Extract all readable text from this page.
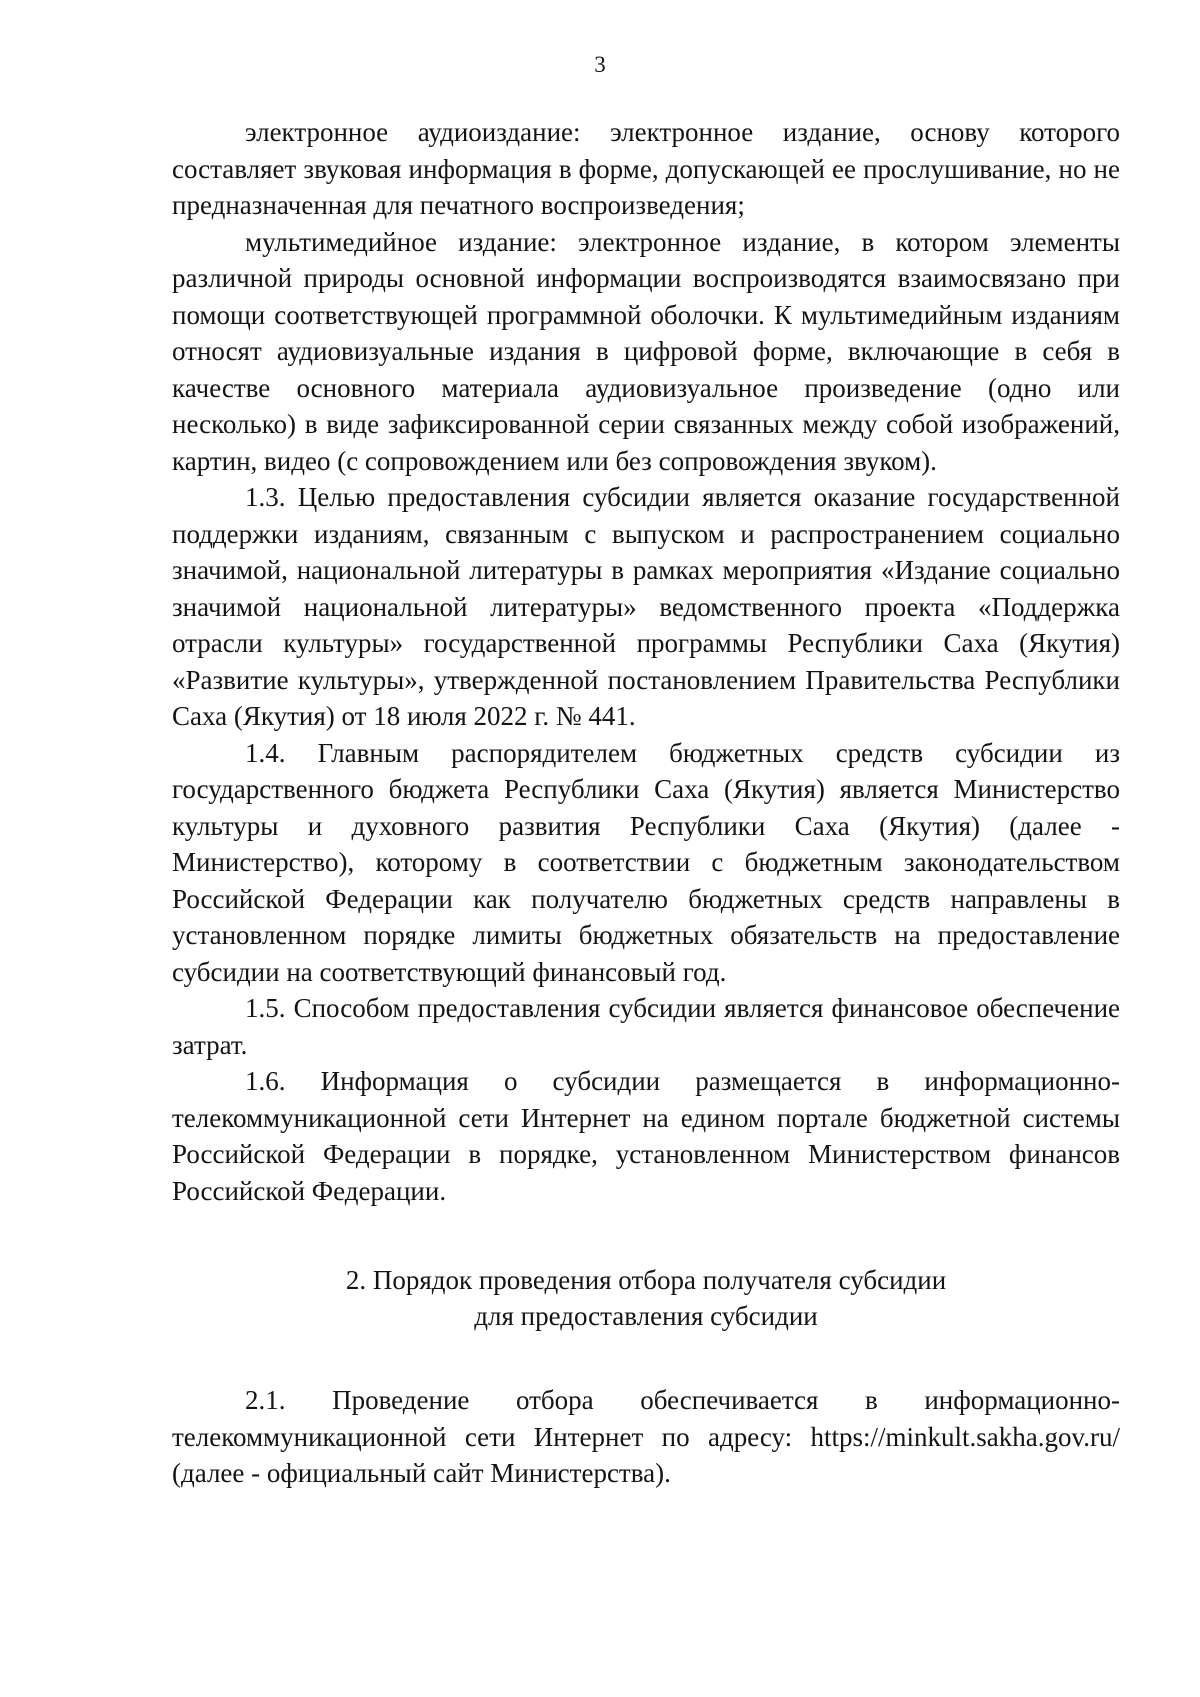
3

электронное аудиоиздание: электронное издание, основу которого составляет звуковая информация в форме, допускающей ее прослушивание, но не предназначенная для печатного воспроизведения;

мультимедийное издание: электронное издание, в котором элементы различной природы основной информации воспроизводятся взаимосвязано при помощи соответствующей программной оболочки. К мультимедийным изданиям относят аудиовизуальные издания в цифровой форме, включающие в себя в качестве основного материала аудиовизуальное произведение (одно или несколько) в виде зафиксированной серии связанных между собой изображений, картин, видео (с сопровождением или без сопровождения звуком).

1.3. Целью предоставления субсидии является оказание государственной поддержки изданиям, связанным с выпуском и распространением социально значимой, национальной литературы в рамках мероприятия «Издание социально значимой национальной литературы» ведомственного проекта «Поддержка отрасли культуры» государственной программы Республики Саха (Якутия) «Развитие культуры», утвержденной постановлением Правительства Республики Саха (Якутия) от 18 июля 2022 г. № 441.

1.4. Главным распорядителем бюджетных средств субсидии из государственного бюджета Республики Саха (Якутия) является Министерство культуры и духовного развития Республики Саха (Якутия) (далее - Министерство), которому в соответствии с бюджетным законодательством Российской Федерации как получателю бюджетных средств направлены в установленном порядке лимиты бюджетных обязательств на предоставление субсидии на соответствующий финансовый год.

1.5. Способом предоставления субсидии является финансовое обеспечение затрат.

1.6. Информация о субсидии размещается в информационно-телекоммуникационной сети Интернет на едином портале бюджетной системы Российской Федерации в порядке, установленном Министерством финансов Российской Федерации.

2. Порядок проведения отбора получателя субсидии
для предоставления субсидии

2.1. Проведение отбора обеспечивается в информационно-телекоммуникационной сети Интернет по адресу: https://minkult.sakha.gov.ru/ (далее - официальный сайт Министерства).
